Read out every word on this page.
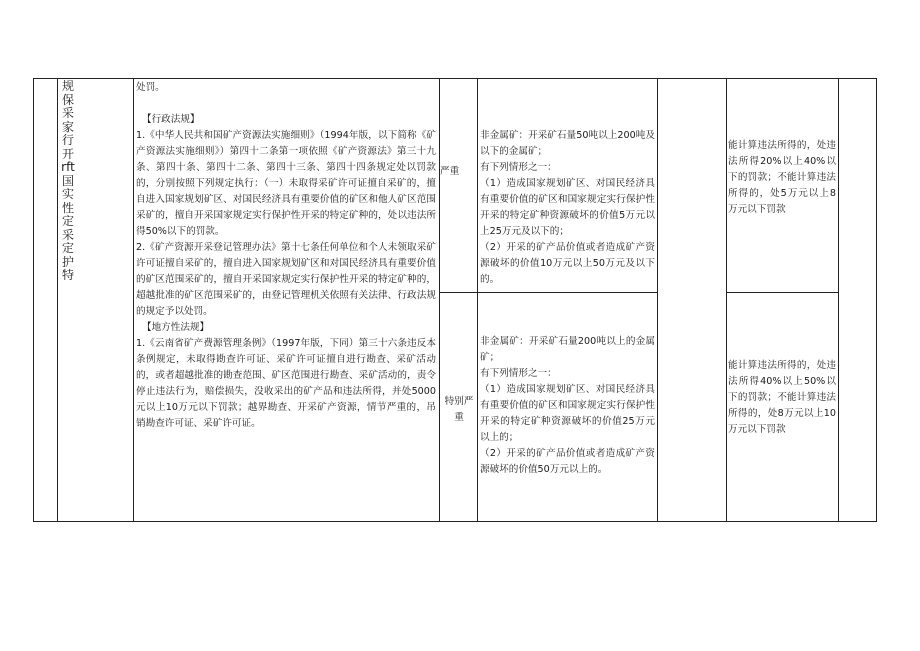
规保采家行开rft国实性定采定护特

处罚。

【行政法规】

1.《中华人民共和国矿产资源法实施细则》（1994年版，以下简称《矿产资源法实施细则》）第四十二条第一项依照《矿产资源法》第三十九条、第四十条、第四十二条、第四十三条、第四十四条规定处以罚款的，分别按照下列规定执行：（一）未取得采矿许可证擅自采矿的，擅自进入国家规划矿区、对国民经济具有重要价值的矿区和他人矿区范围采矿的，擅自开采国家规定实行保护性开采的特定矿种的，处以违法所得50%以下的罚款。

2.《矿产资源开采登记管理办法》第十七条任何单位和个人未领取采矿许可证擅自采矿的，擅自进入国家规划矿区和对国民经济具有重要价值的矿区范围采矿的，擅自开采国家规定实行保护性开采的特定矿种的，超越批准的矿区范围采矿的，由登记管理机关依照有关法律、行政法规的规定予以处罚。

【地方性法规】

1.《云南省矿产费源管理条例》（1997年版，下同）第三十六条违反本条例规定，未取得勘查许可证、采矿许可证擅自进行勘查、采矿活动的，或者超越批准的勘查范围、矿区范围进行勘查、采矿活动的，责令停止违法行为，赔偿损失，没收采出的矿产品和违法所得，并处5000元以上10万元以下罚款；越界勘查、开采矿产资源，情节严重的，吊销勘查许可证、采矿许可证。

严重

非金属矿：开采矿石量50吨以上200吨及以下的金属矿；

有下列情形之一：

（1）造成国家规划矿区、对国民经济具有重要价值的矿区和国家规定实行保护性开采的特定矿种资源破坏的价值5万元以上25万元及以下的；

（2）开采的矿产品价值或者造成矿产资源破坏的价值10万元以上50万元及以下的。

能计算违法所得的，处违法所得20%以上40%以下的罚款；不能计算违法所得的，处5万元以上8万元以下罚款
特别严重

非金属矿：开采矿石量200吨以上的金属矿；

有下列情形之一：

（1）造成国家规划矿区、对国民经济具有重要价值的矿区和国家规定实行保护性开采的特定矿种资源破坏的价值25万元以上的；

（2）开采的矿产品价值或者造成矿产资源破坏的价值50万元以上的。

能计算违法所得的，处违法所得40%以上50%以下的罚款；不能计算违法所得的，处8万元以上10万元以下罚款
